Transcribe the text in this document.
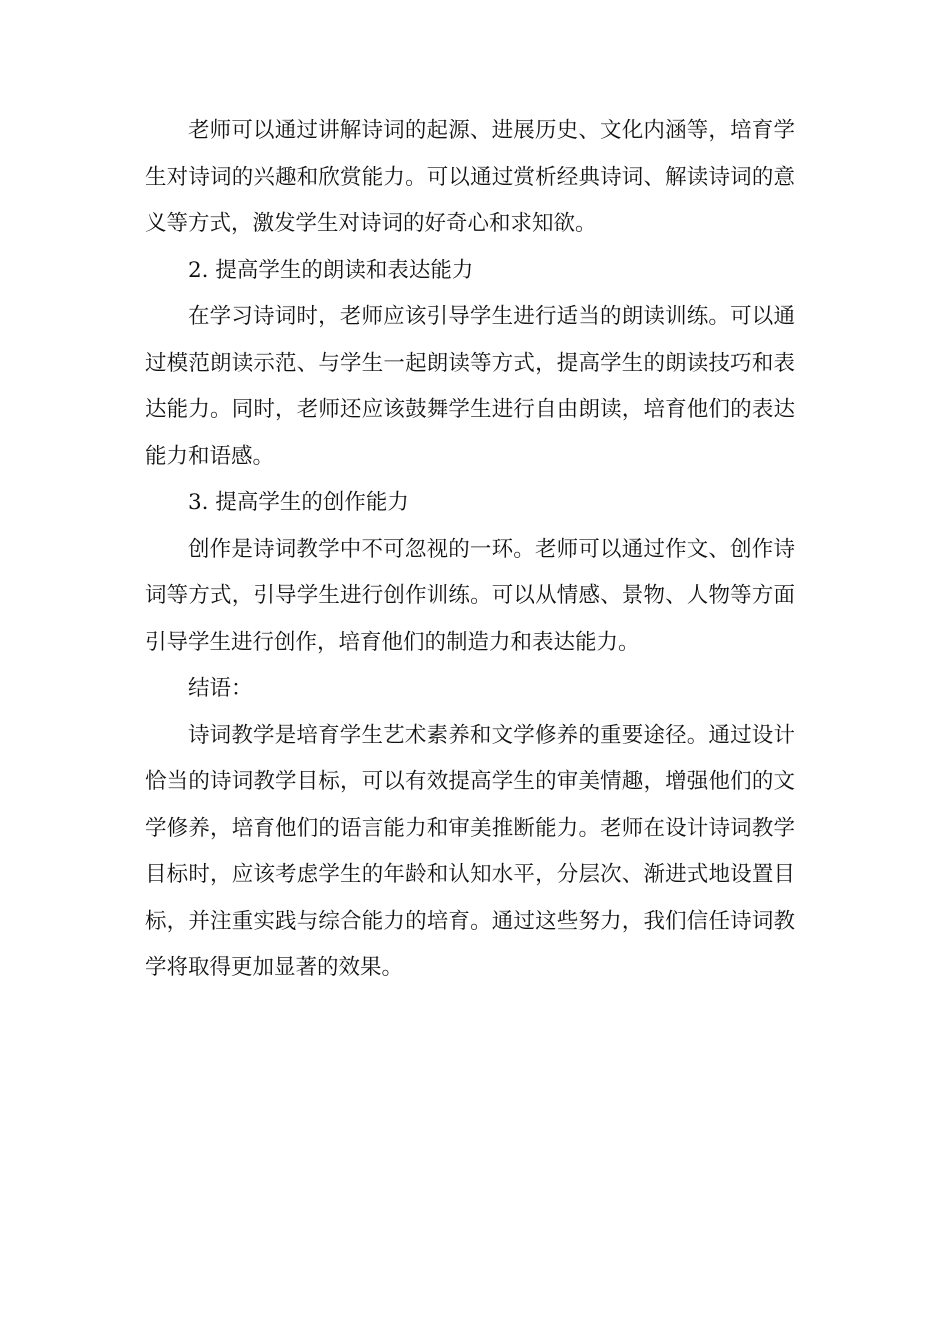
老师可以通过讲解诗词的起源、进展历史、文化内涵等，培育学生对诗词的兴趣和欣赏能力。可以通过赏析经典诗词、解读诗词的意义等方式，激发学生对诗词的好奇心和求知欲。

2. 提高学生的朗读和表达能力

在学习诗词时，老师应该引导学生进行适当的朗读训练。可以通过模范朗读示范、与学生一起朗读等方式，提高学生的朗读技巧和表达能力。同时，老师还应该鼓舞学生进行自由朗读，培育他们的表达能力和语感。

3. 提高学生的创作能力

创作是诗词教学中不可忽视的一环。老师可以通过作文、创作诗词等方式，引导学生进行创作训练。可以从情感、景物、人物等方面引导学生进行创作，培育他们的制造力和表达能力。

结语：

诗词教学是培育学生艺术素养和文学修养的重要途径。通过设计恰当的诗词教学目标，可以有效提高学生的审美情趣，增强他们的文学修养，培育他们的语言能力和审美推断能力。老师在设计诗词教学目标时，应该考虑学生的年龄和认知水平，分层次、渐进式地设置目标，并注重实践与综合能力的培育。通过这些努力，我们信任诗词教学将取得更加显著的效果。
